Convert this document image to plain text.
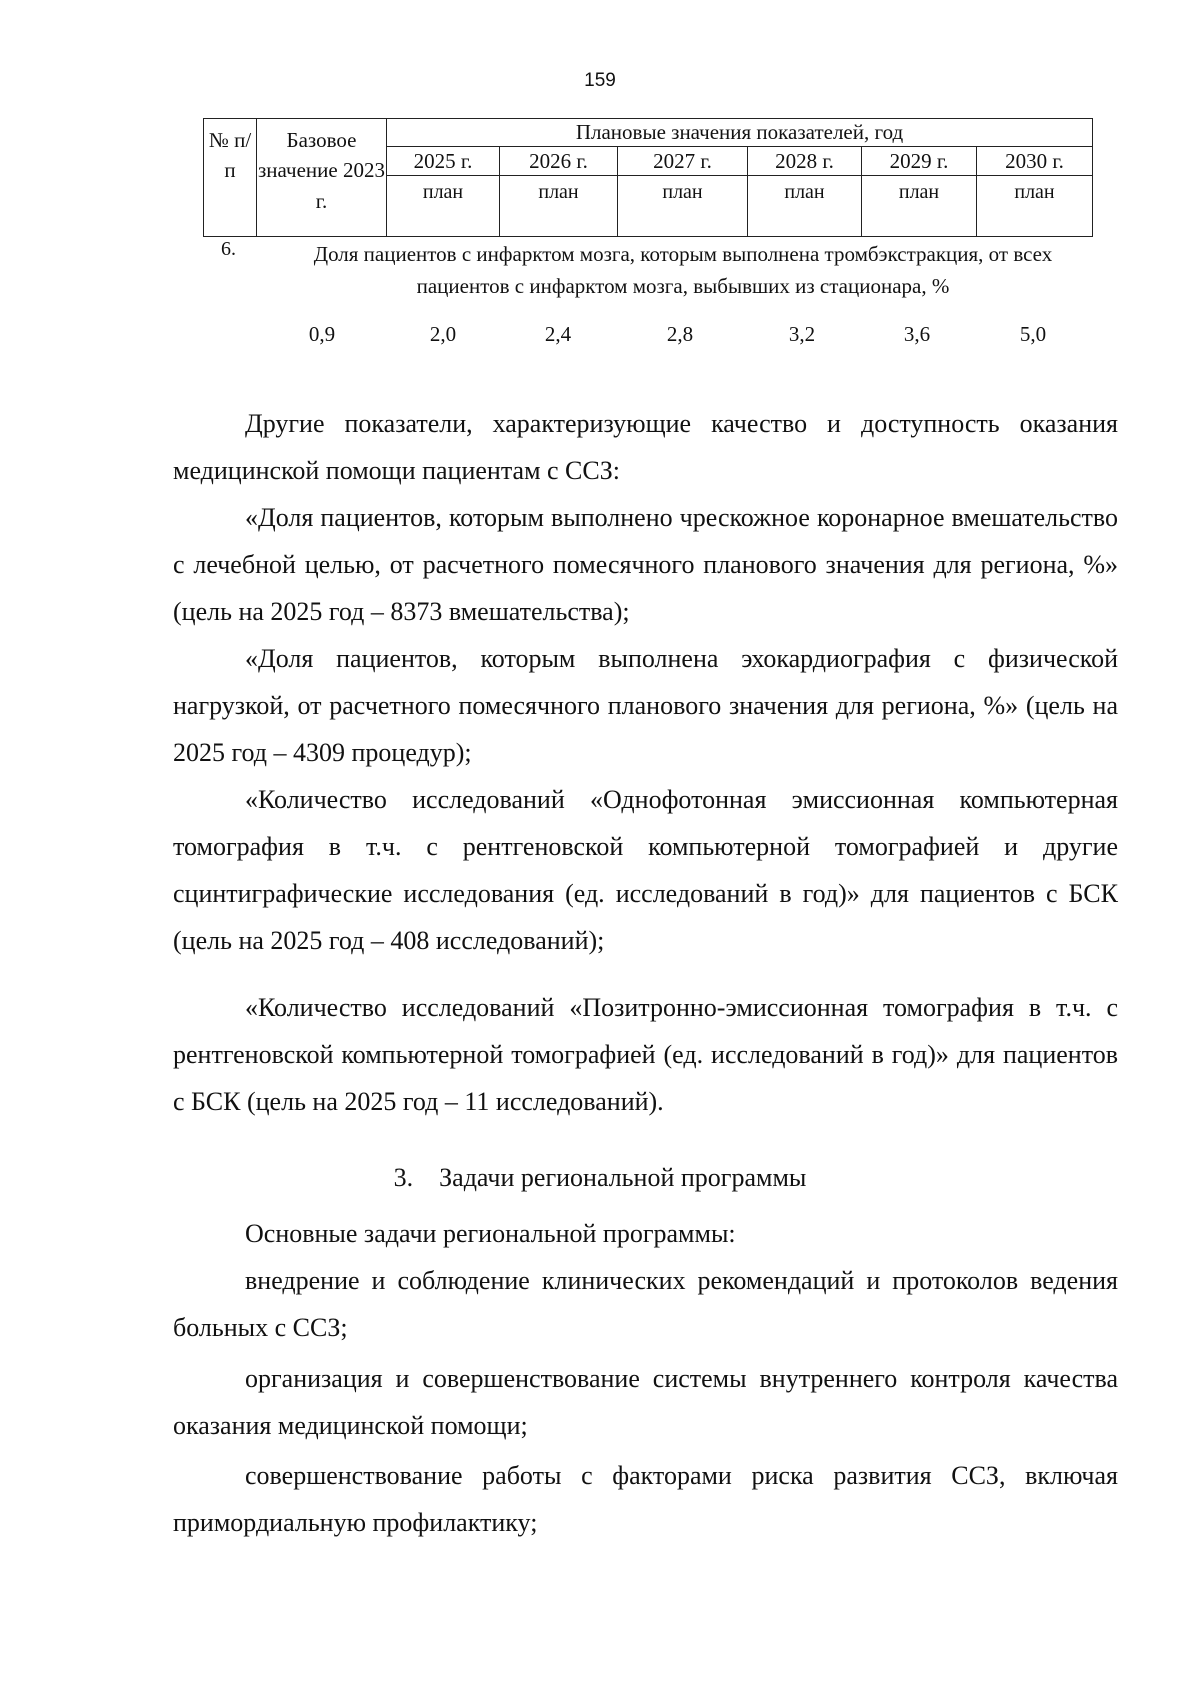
159
№ п/п	Базовое значение 2023 г.	Плановые значения показателей, год					
		2025 г.	2026 г.	2027 г.	2028 г.	2029 г.	2030 г.
		план	план	план	план	план	план
6.	Доля пациентов с инфарктом мозга, которым выполнена тромбэкстракция, от всех пациентов с инфарктом мозга, выбывших из стационара, %
0,9	2,0	2,4	2,8	3,2	3,6	5,0

Другие показатели, характеризующие качество и доступность оказания медицинской помощи пациентам с ССЗ:

«Доля пациентов, которым выполнено чрескожное коронарное вмешательство с лечебной целью, от расчетного помесячного планового значения для региона, %» (цель на 2025 год – 8373 вмешательства);

«Доля пациентов, которым выполнена эхокардиография с физической нагрузкой, от расчетного помесячного планового значения для региона, %» (цель на 2025 год – 4309 процедур);

«Количество исследований «Однофотонная эмиссионная компьютерная томография в т.ч. с рентгеновской компьютерной томографией и другие сцинтиграфические исследования (ед. исследований в год)» для пациентов с БСК (цель на 2025 год – 408 исследований);

«Количество исследований «Позитронно-эмиссионная томография в т.ч. с рентгеновской компьютерной томографией (ед. исследований в год)» для пациентов с БСК (цель на 2025 год – 11 исследований).

3.    Задачи региональной программы

Основные задачи региональной программы:

внедрение и соблюдение клинических рекомендаций и протоколов ведения больных с ССЗ;

организация и совершенствование системы внутреннего контроля качества оказания медицинской помощи;

совершенствование работы с факторами риска развития ССЗ, включая примордиальную профилактику;
